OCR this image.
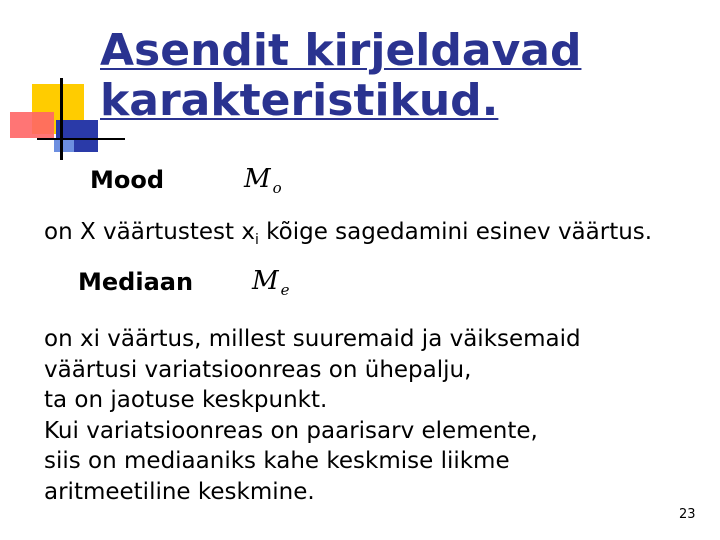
Asendit kirjeldavad
karakteristikud.
Mood	M $_o$
on X väärtustest $x_i$ kõige sagedamini esinev väärtus.
Mediaan M $_e$
on xi väärtus, millest suuremaid ja väiksemaid
väärtusi variatsioonreas on ühepalju,
ta on jaotuse keskpunkt.
Kui variatsioonreas on paarisarv elemente,
siis on mediaaniks kahe keskmise liikme
aritmeetiline keskmine.
23
